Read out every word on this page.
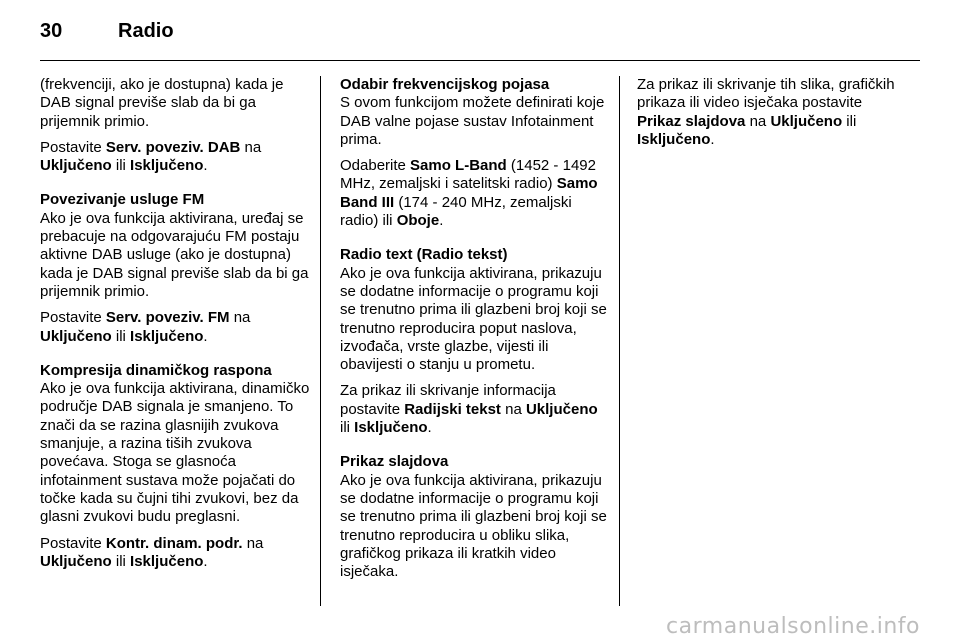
30	Radio

(frekvenciji, ako je dostupna) kada je DAB signal previše slab da bi ga prijemnik primio.

Postavite Serv. poveziv. DAB na Uključeno ili Isključeno.

Povezivanje usluge FM

Ako je ova funkcija aktivirana, uređaj se prebacuje na odgovarajuću FM postaju aktivne DAB usluge (ako je dostupna) kada je DAB signal previše slab da bi ga prijemnik primio.

Postavite Serv. poveziv. FM na Uključeno ili Isključeno.

Kompresija dinamičkog raspona

Ako je ova funkcija aktivirana, dinamičko područje DAB signala je smanjeno. To znači da se razina glasnijih zvukova smanjuje, a razina tiših zvukova povećava. Stoga se glasnoća infotainment sustava može pojačati do točke kada su čujni tihi zvukovi, bez da glasni zvukovi budu preglasni.

Postavite Kontr. dinam. podr. na Uključeno ili Isključeno.

Odabir frekvencijskog pojasa

S ovom funkcijom možete definirati koje DAB valne pojase sustav Infotainment prima.

Odaberite Samo L-Band (1452 - 1492 MHz, zemaljski i satelitski radio) Samo Band III (174 - 240 MHz, zemaljski radio) ili Oboje.

Radio text (Radio tekst)

Ako je ova funkcija aktivirana, prikazuju se dodatne informacije o programu koji se trenutno prima ili glazbeni broj koji se trenutno reproducira poput naslova, izvođača, vrste glazbe, vijesti ili obavijesti o stanju u prometu.

Za prikaz ili skrivanje informacija postavite Radijski tekst na Uključeno
ili Isključeno.

Prikaz slajdova

Ako je ova funkcija aktivirana, prikazuju se dodatne informacije o programu koji se trenutno prima ili glazbeni broj koji se trenutno reproducira u obliku slika, grafičkog prikaza ili kratkih video isječaka.

Za prikaz ili skrivanje tih slika, grafičkih prikaza ili video isječaka postavite Prikaz slajdova na Uključeno ili Isključeno.

carmanualsonline.info
